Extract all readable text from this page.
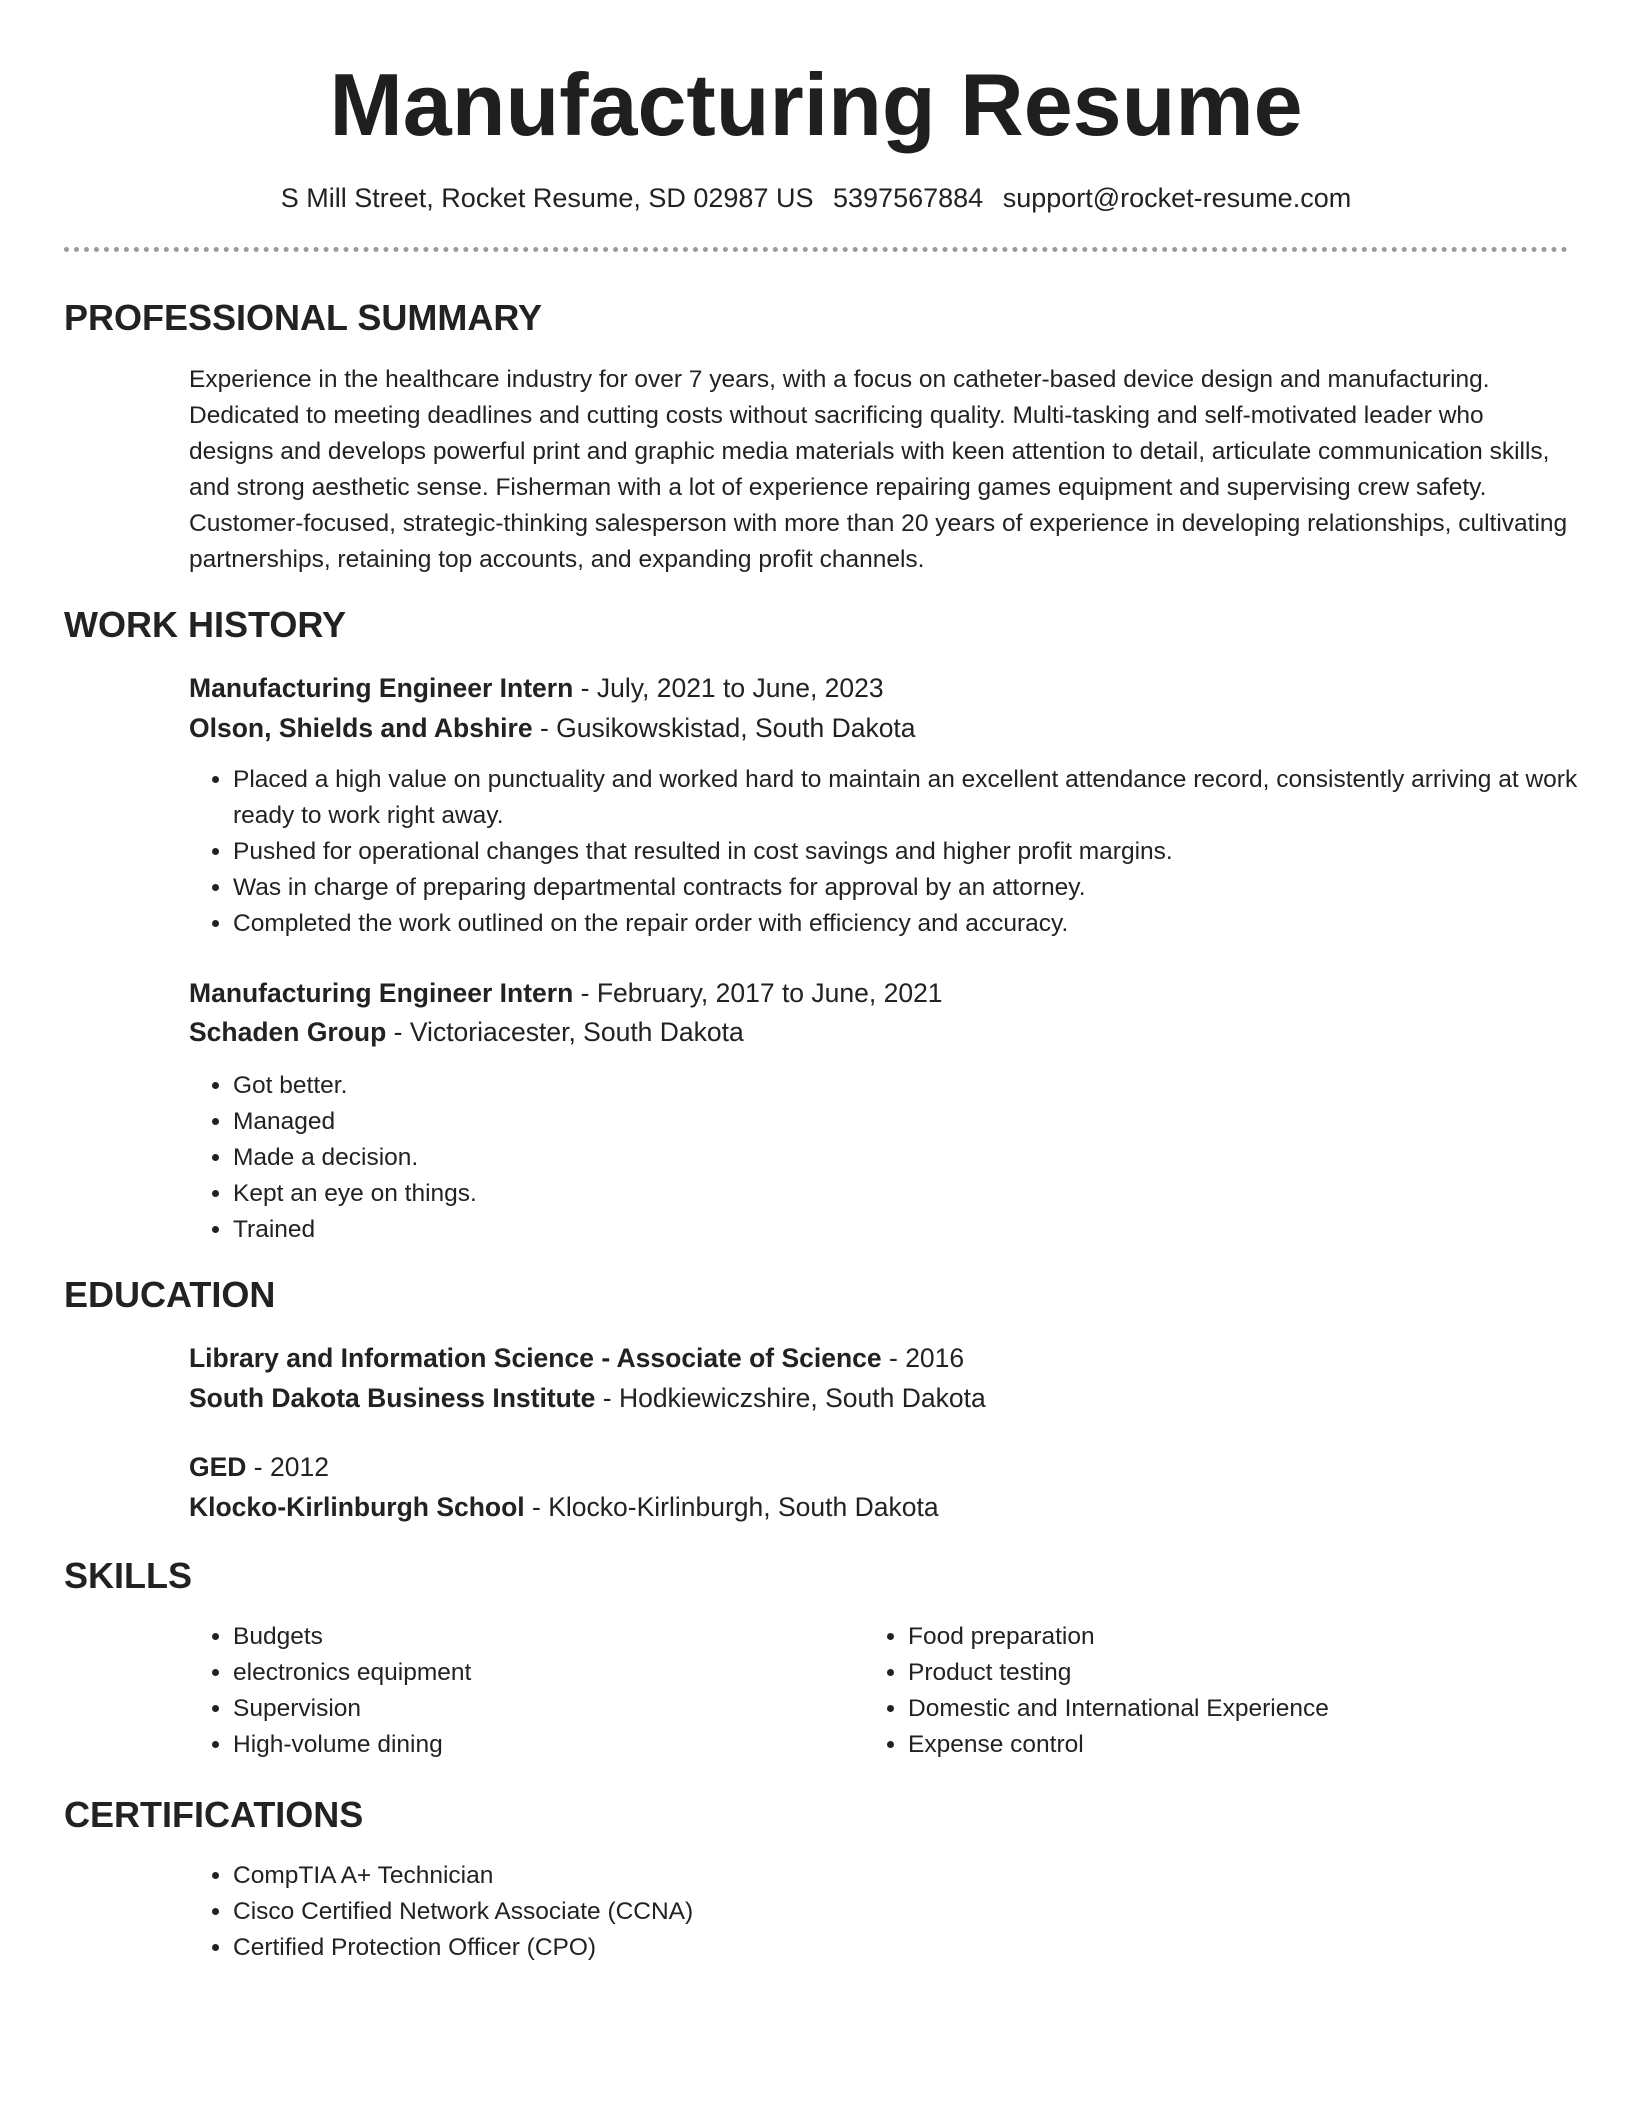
Manufacturing Resume
S Mill Street, Rocket Resume, SD 02987 US 5397567884 support@rocket-resume.com
PROFESSIONAL SUMMARY
Experience in the healthcare industry for over 7 years, with a focus on catheter-based device design and manufacturing. Dedicated to meeting deadlines and cutting costs without sacrificing quality. Multi-tasking and self-motivated leader who designs and develops powerful print and graphic media materials with keen attention to detail, articulate communication skills, and strong aesthetic sense. Fisherman with a lot of experience repairing games equipment and supervising crew safety. Customer-focused, strategic-thinking salesperson with more than 20 years of experience in developing relationships, cultivating partnerships, retaining top accounts, and expanding profit channels.
WORK HISTORY
Manufacturing Engineer Intern - July, 2021 to June, 2023
Olson, Shields and Abshire - Gusikowskistad, South Dakota
• Placed a high value on punctuality and worked hard to maintain an excellent attendance record, consistently arriving at work ready to work right away.
• Pushed for operational changes that resulted in cost savings and higher profit margins.
• Was in charge of preparing departmental contracts for approval by an attorney.
• Completed the work outlined on the repair order with efficiency and accuracy.
Manufacturing Engineer Intern - February, 2017 to June, 2021
Schaden Group - Victoriacester, South Dakota
• Got better.
• Managed
• Made a decision.
• Kept an eye on things.
• Trained
EDUCATION
Library and Information Science - Associate of Science - 2016
South Dakota Business Institute - Hodkiewiczshire, South Dakota
GED - 2012
Klocko-Kirlinburgh School - Klocko-Kirlinburgh, South Dakota
SKILLS
• Budgets
• electronics equipment
• Supervision
• High-volume dining
• Food preparation
• Product testing
• Domestic and International Experience
• Expense control
CERTIFICATIONS
• CompTIA A+ Technician
• Cisco Certified Network Associate (CCNA)
• Certified Protection Officer (CPO)
